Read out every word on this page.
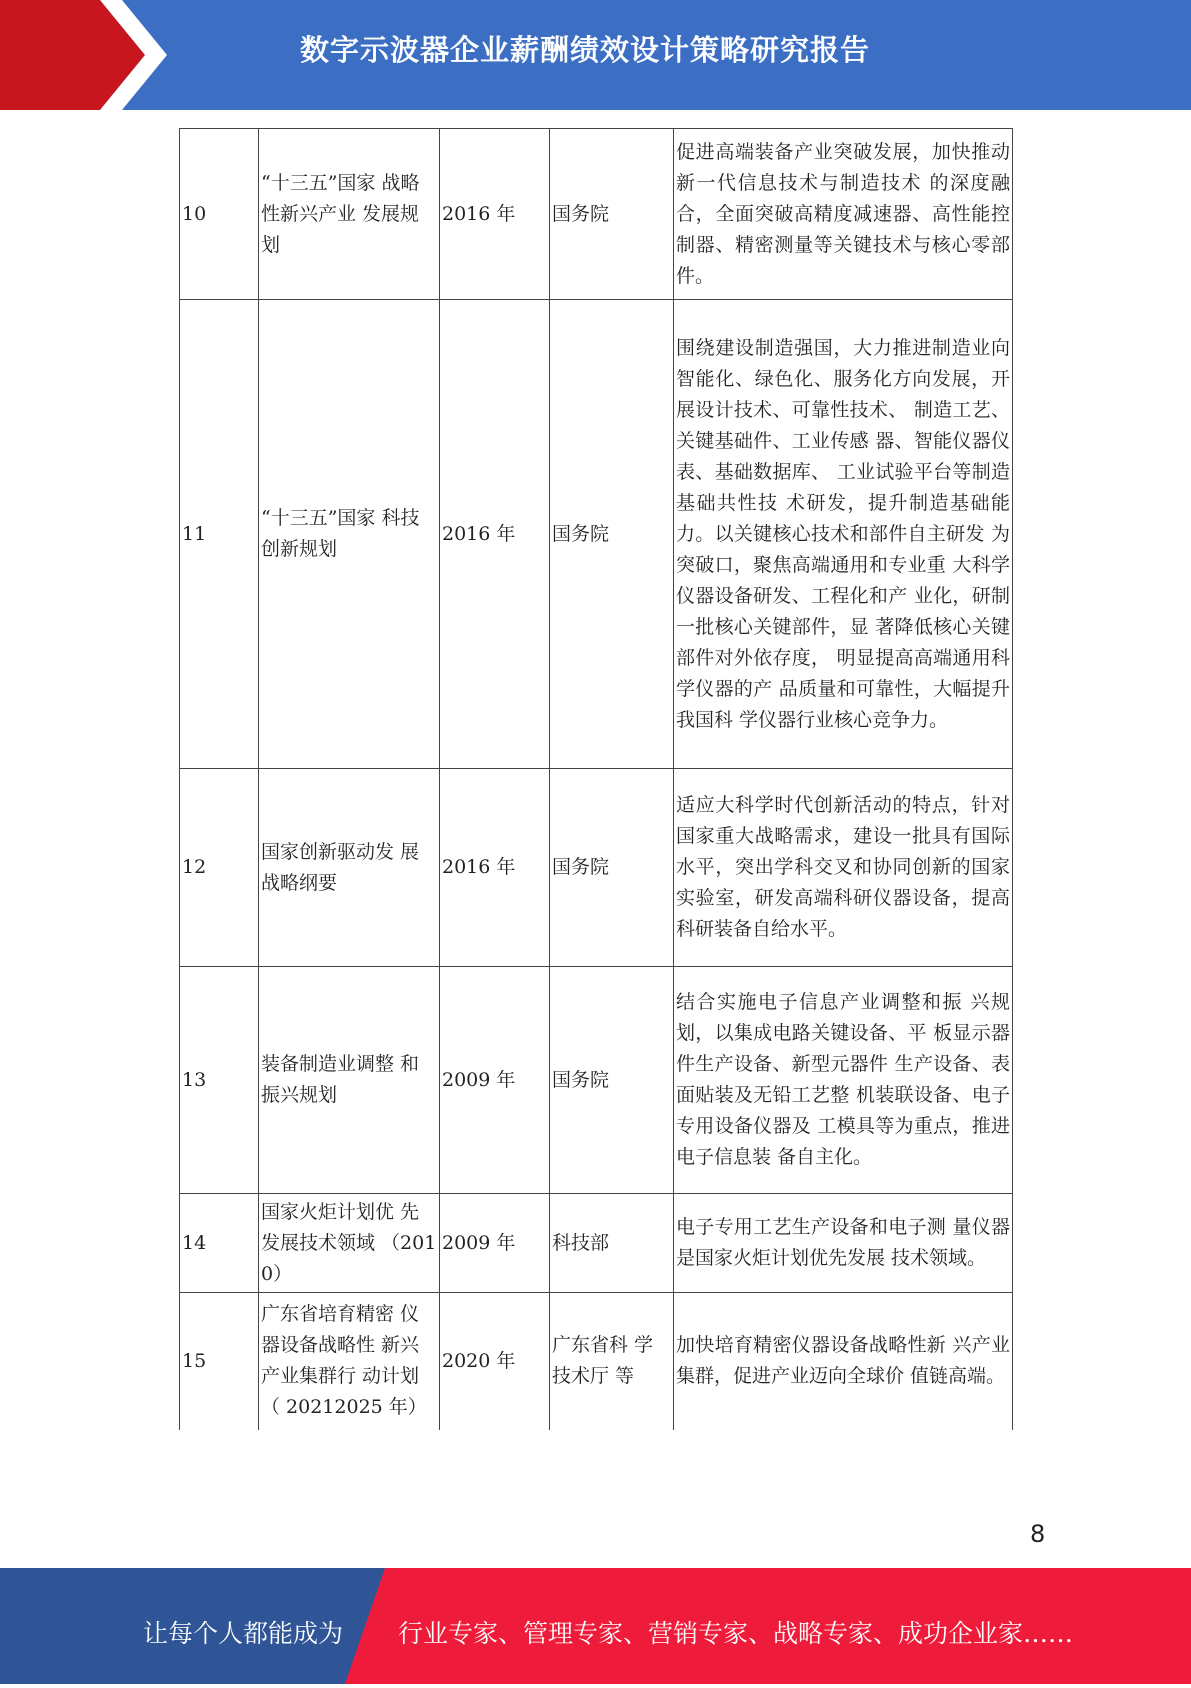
数字示波器企业薪酬绩效设计策略研究报告
10	“十三五”国家 战略性新兴产业 发展规划	2016 年	国务院	促进高端装备产业突破发展，加快推动新一代信息技术与制造技术 的深度融合，全面突破高精度减速器、高性能控制器、精密测量等关键技术与核心零部件。
11	“十三五”国家 科技创新规划	2016 年	国务院	围绕建设制造强国，大力推进制造业向智能化、绿色化、服务化方向发展，开展设计技术、可靠性技术、 制造工艺、关键基础件、工业传感 器、智能仪器仪表、基础数据库、 工业试验平台等制造基础共性技 术研发，提升制造基础能力。以关键核心技术和部件自主研发 为突破口，聚焦高端通用和专业重 大科学仪器设备研发、工程化和产 业化，研制一批核心关键部件，显 著降低核心关键部件对外依存度， 明显提高高端通用科学仪器的产 品质量和可靠性，大幅提升我国科 学仪器行业核心竞争力。
12	国家创新驱动发 展战略纲要	2016 年	国务院	适应大科学时代创新活动的特点，针对国家重大战略需求，建设一批具有国际水平，突出学科交叉和协同创新的国家实验室，研发高端科研仪器设备，提高科研装备自给水平。
13	装备制造业调整 和振兴规划	2009 年	国务院	结合实施电子信息产业调整和振 兴规划，以集成电路关键设备、平 板显示器件生产设备、新型元器件 生产设备、表面贴装及无铅工艺整 机装联设备、电子专用设备仪器及 工模具等为重点，推进电子信息装 备自主化。
14	国家火炬计划优 先发展技术领域 （2010）	2009 年	科技部	电子专用工艺生产设备和电子测 量仪器是国家火炬计划优先发展 技术领域。
15	广东省培育精密 仪器设备战略性 新兴产业集群行 动计划（ 20212025 年）	2020 年	广东省科 学技术厅 等	加快培育精密仪器设备战略性新 兴产业集群，促进产业迈向全球价 值链高端。
8
让每个人都能成为 行业专家、管理专家、营销专家、战略专家、成功企业家……
